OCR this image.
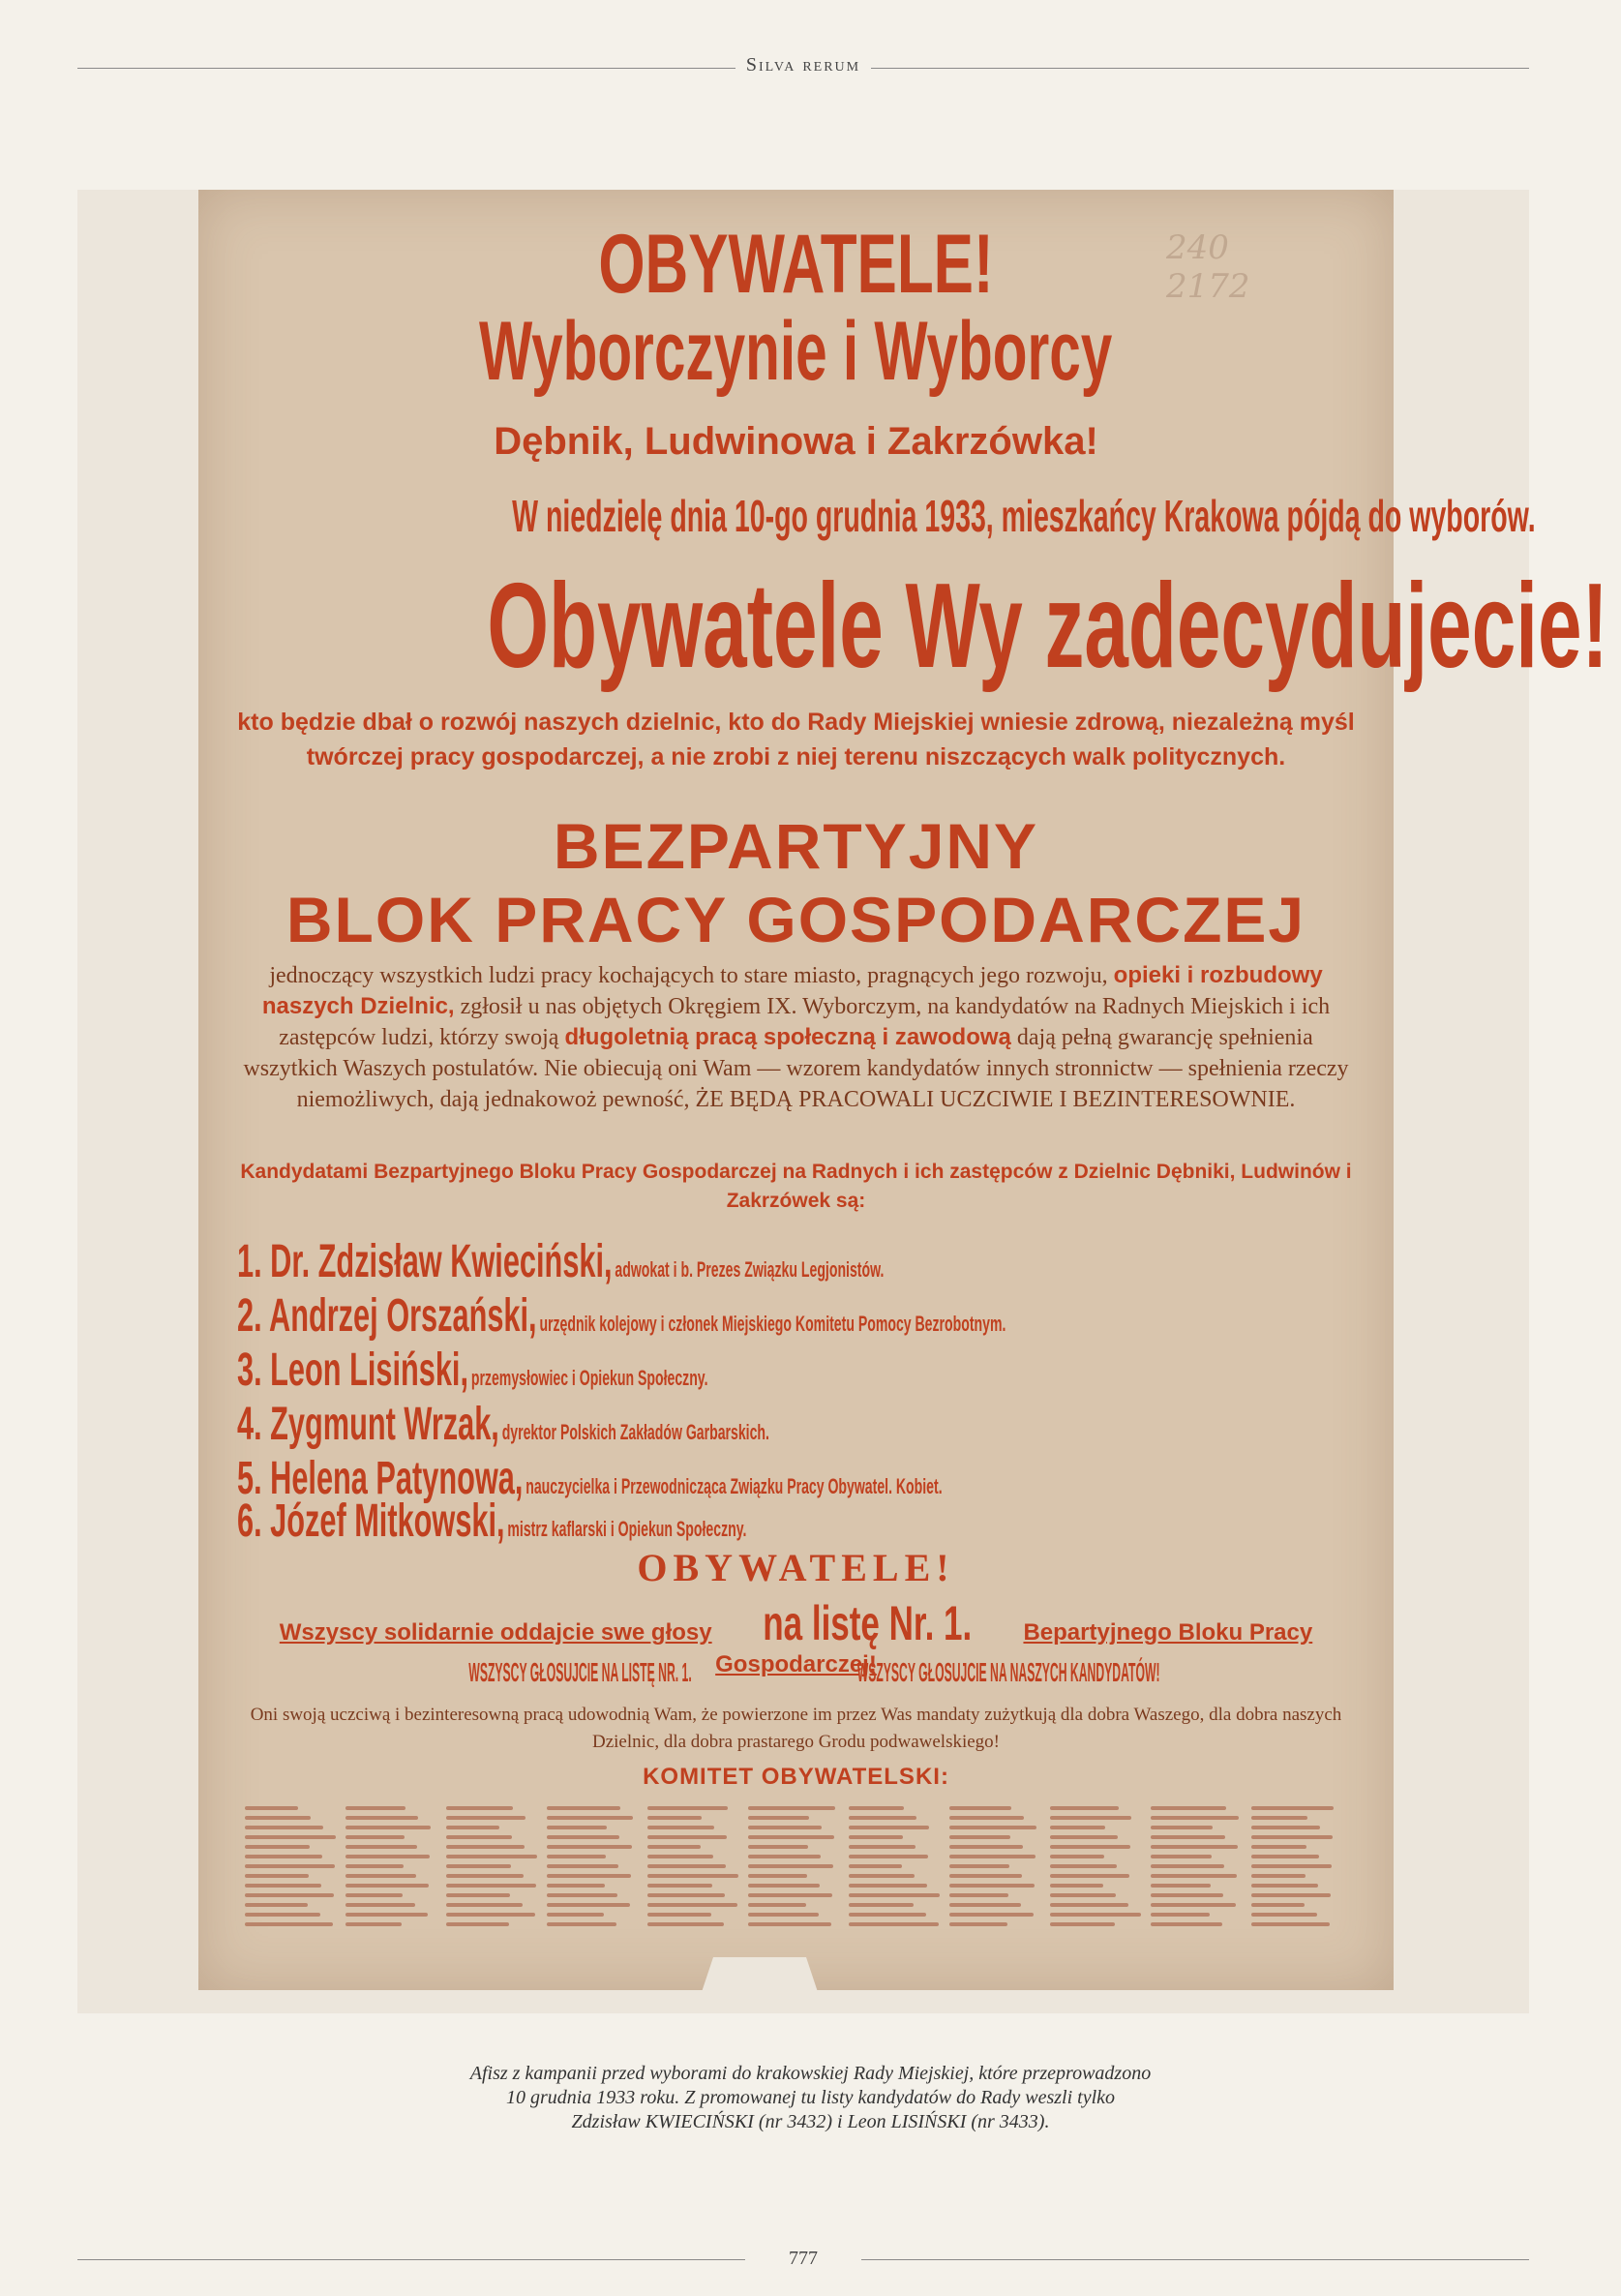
Silva rerum
240 2172
OBYWATELE!
Wyborczynie i Wyborcy
Dębnik, Ludwinowa i Zakrzówka!
W niedzielę dnia 10-go grudnia 1933, mieszkańcy Krakowa pójdą do wyborów.
Obywatele Wy zadecydujecie!
kto będzie dbał o rozwój naszych dzielnic, kto do Rady Miejskiej wniesie zdrową, niezależną myśl twórczej pracy gospodarczej, a nie zrobi z niej terenu niszczących walk politycznych.
BEZPARTYJNY
BLOK PRACY GOSPODARCZEJ
jednoczący wszystkich ludzi pracy kochających to stare miasto, pragnących jego rozwoju, opieki i rozbudowy naszych Dzielnic, zgłosił u nas objętych Okręgiem IX. Wyborczym, na kandydatów na Radnych Miejskich i ich zastępców ludzi, którzy swoją długoletnią pracą społeczną i zawodową dają pełną gwarancję spełnienia wszytkich Waszych postulatów. Nie obiecują oni Wam — wzorem kandydatów innych stronnictw — spełnienia rzeczy niemożliwych, dają jednakowoż pewność, ŻE BĘDĄ PRACOWALI UCZCIWIE I BEZINTERESOWNIE.
Kandydatami Bezpartyjnego Bloku Pracy Gospodarczej na Radnych i ich zastępców z Dzielnic Dębniki, Ludwinów i Zakrzówek są:
1. Dr. Zdzisław Kwieciński, adwokat i b. Prezes Związku Legjonistów.
2. Andrzej Orszański, urzędnik kolejowy i członek Miejskiego Komitetu Pomocy Bezrobotnym.
3. Leon Lisiński, przemysłowiec i Opiekun Społeczny.
4. Zygmunt Wrzak, dyrektor Polskich Zakładów Garbarskich.
5. Helena Patynowa, nauczycielka i Przewodnicząca Związku Pracy Obywatel. Kobiet.
6. Józef Mitkowski, mistrz kaflarski i Opiekun Społeczny.
OBYWATELE!
Wszyscy solidarnie oddajcie swe głosy na listę Nr. 1. Bepartyjnego Bloku Pracy Gospodarczej!
WSZYSCY GŁOSUJCIE NA LISTĘ NR. 1.	WSZYSCY GŁOSUJCIE NA NASZYCH KANDYDATÓW!
Oni swoją uczciwą i bezinteresowną pracą udowodnią Wam, że powierzone im przez Was mandaty zużytkują dla dobra Waszego, dla dobra naszych Dzielnic, dla dobra prastarego Grodu podwawelskiego!
KOMITET OBYWATELSKI:
Afisz z kampanii przed wyborami do krakowskiej Rady Miejskiej, które przeprowadzono
10 grudnia 1933 roku. Z promowanej tu listy kandydatów do Rady weszli tylko
Zdzisław KWIECIŃSKI (nr 3432) i Leon LISIŃSKI (nr 3433).
777
